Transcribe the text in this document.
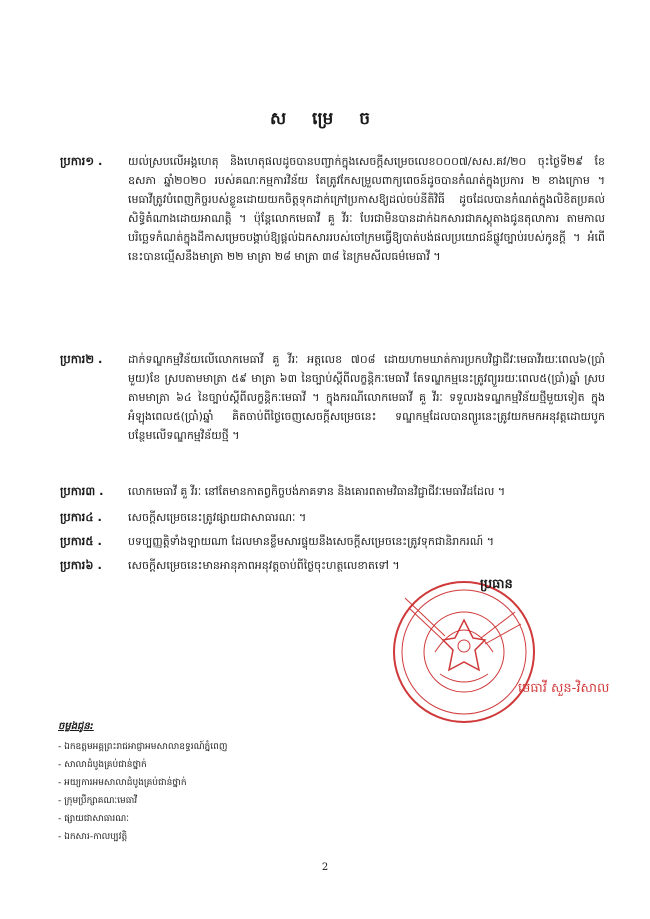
ស ម្រេ ច
ប្រការ១ . យល់ស្របលើអង្គហេតុ និងហេតុផលដូចបានបញ្ជាក់ក្នុងសេចក្តីសម្រេចលេខ០០០៧/សស.គវ/២០ ចុះថ្ងៃទី២៩ ខែឧសភា ឆ្នាំ២០២០ របស់គណៈកម្មការវិន័យ តែត្រូវកែសម្រួលពាក្យពេចន៍ដូចបានកំណត់ក្នុងប្រការ ២ ខាងក្រោម ។ មេធាវីត្រូវបំពេញកិច្ចរបស់ខ្លួនដោយយកចិត្តទុកដាក់ក្រៅប្រកាសឱ្យដល់ចប់នីតិវិធី ដូចដែលបានកំណត់ក្នុងលិខិតប្រគល់សិទ្ធិតំណាងដោយអាណត្តិ ។ ប៉ុន្តែលោកមេធាវី គួ វីរៈ បែរជាមិនបានដាក់ឯកសារជាភស្តុតាងជូនតុលាការ តាមកាលបរិច្ឆេទកំណត់ក្នុងដីកាសម្រេចបង្គាប់ឱ្យផ្តល់ឯកសាររបស់ចៅក្រមធ្វើឱ្យបាត់បង់ផលប្រយោជន៍ផ្លូវច្បាប់របស់កូនក្តី ។ អំពើនេះបានល្មើសនឹងមាត្រា ២២ មាត្រា ២៨ មាត្រា ៣៨ នៃក្រមសីលធម៌មេធាវី ។
ប្រការ២ . ដាក់ទណ្ឌកម្មវិន័យលើលោកមេធាវី គួ វីរៈ អត្តលេខ ៧០៨ ដោយហាមឃាត់ការប្រកបវិជ្ជាជីវៈមេធាវីរយៈពេល៦(ប្រាំមួយ)ខែ ស្របតាមមាត្រា ៥៩ មាត្រា ៦៣ នៃច្បាប់ស្តីពីលក្ខន្តិកៈមេធាវី តែទណ្ឌកម្មនេះត្រូវព្យួររយៈពេល៥(ប្រាំ)ឆ្នាំ ស្របតាមមាត្រា ៦៤ នៃច្បាប់ស្តីពីលក្ខន្តិកៈមេធាវី ។ ក្នុងករណីលោកមេធាវី គួ វីរៈ ទទួលរងទណ្ឌកម្មវិន័យថ្មីមួយទៀត ក្នុងអំឡុងពេល៥(ប្រាំ)ឆ្នាំ គិតចាប់ពីថ្ងៃចេញសេចក្តីសម្រេចនេះ ទណ្ឌកម្មដែលបានព្យួរនេះត្រូវយកមកអនុវត្តដោយបូកបន្ថែមលើទណ្ឌកម្មវិន័យថ្មី ។
ប្រការ៣ . លោកមេធាវី គួ វីរៈ នៅតែមានកាតព្វកិច្ចបង់ភាគទាន និងគោរពតាមវិធានវិជ្ជាជីវៈមេធាវីដដែល ។
ប្រការ៤ . សេចក្តីសម្រេចនេះត្រូវផ្សាយជាសាធារណៈ ។
ប្រការ៥ . បទប្បញ្ញត្តិទាំងឡាយណា ដែលមានខ្លឹមសារផ្ទុយនឹងសេចក្តីសម្រេចនេះត្រូវទុកជានិរាករណ៍ ។
ប្រការ៦ . សេចក្តីសម្រេចនេះមានអានុភាពអនុវត្តចាប់ពីថ្ងៃចុះហត្ថលេខាតទៅ ។
ប្រធាន
មេធាវី សួន-វិសាល
ចម្លងជូន:
- ឯកឧត្តមអគ្គព្រះរាជអាជ្ញាអមសាលាឧទ្ធរណ៍ភ្នំពេញ
- សាលាដំបូងគ្រប់ជាន់ថ្នាក់
- អយ្យការអមសាលាដំបូងគ្រប់ជាន់ថ្នាក់
- ក្រុមប្រឹក្សាគណៈមេធាវី
- ផ្សាយជាសាធារណៈ
- ឯកសារ-កាលប្បវត្តិ
2
